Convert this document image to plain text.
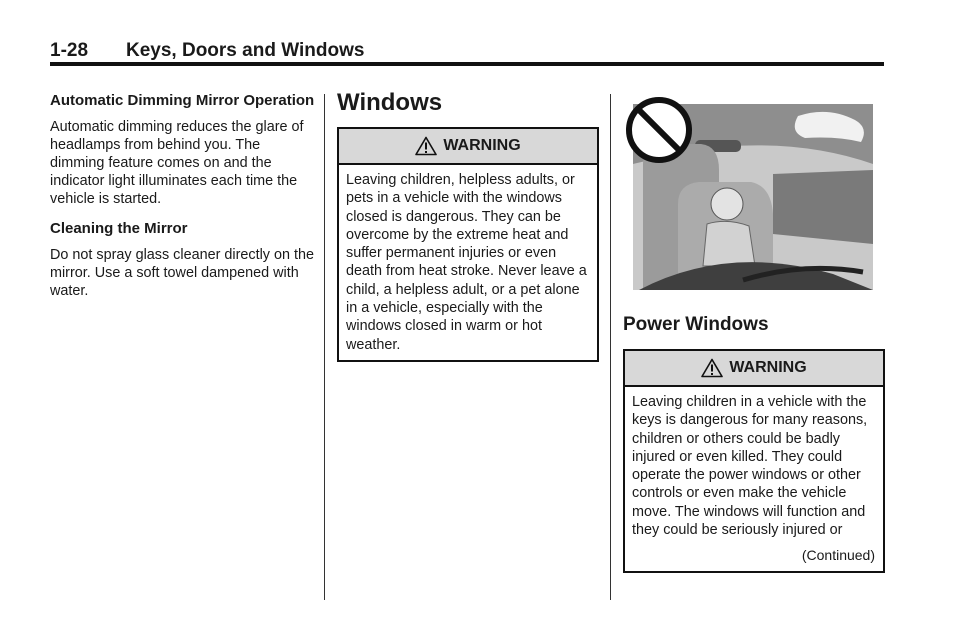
1-28 Keys, Doors and Windows
Automatic Dimming Mirror Operation

Automatic dimming reduces the glare of headlamps from behind you. The dimming feature comes on and the indicator light illuminates each time the vehicle is started.

Cleaning the Mirror

Do not spray glass cleaner directly on the mirror. Use a soft towel dampened with water.

Windows
WARNING
Leaving children, helpless adults, or pets in a vehicle with the windows closed is dangerous. They can be overcome by the extreme heat and suffer permanent injuries or even death from heat stroke. Never leave a child, a helpless adult, or a pet alone in a vehicle, especially with the windows closed in warm or hot weather.
Power Windows
WARNING
Leaving children in a vehicle with the keys is dangerous for many reasons, children or others could be badly injured or even killed. They could operate the power windows or other controls or even make the vehicle move. The windows will function and they could be seriously injured or
(Continued)
